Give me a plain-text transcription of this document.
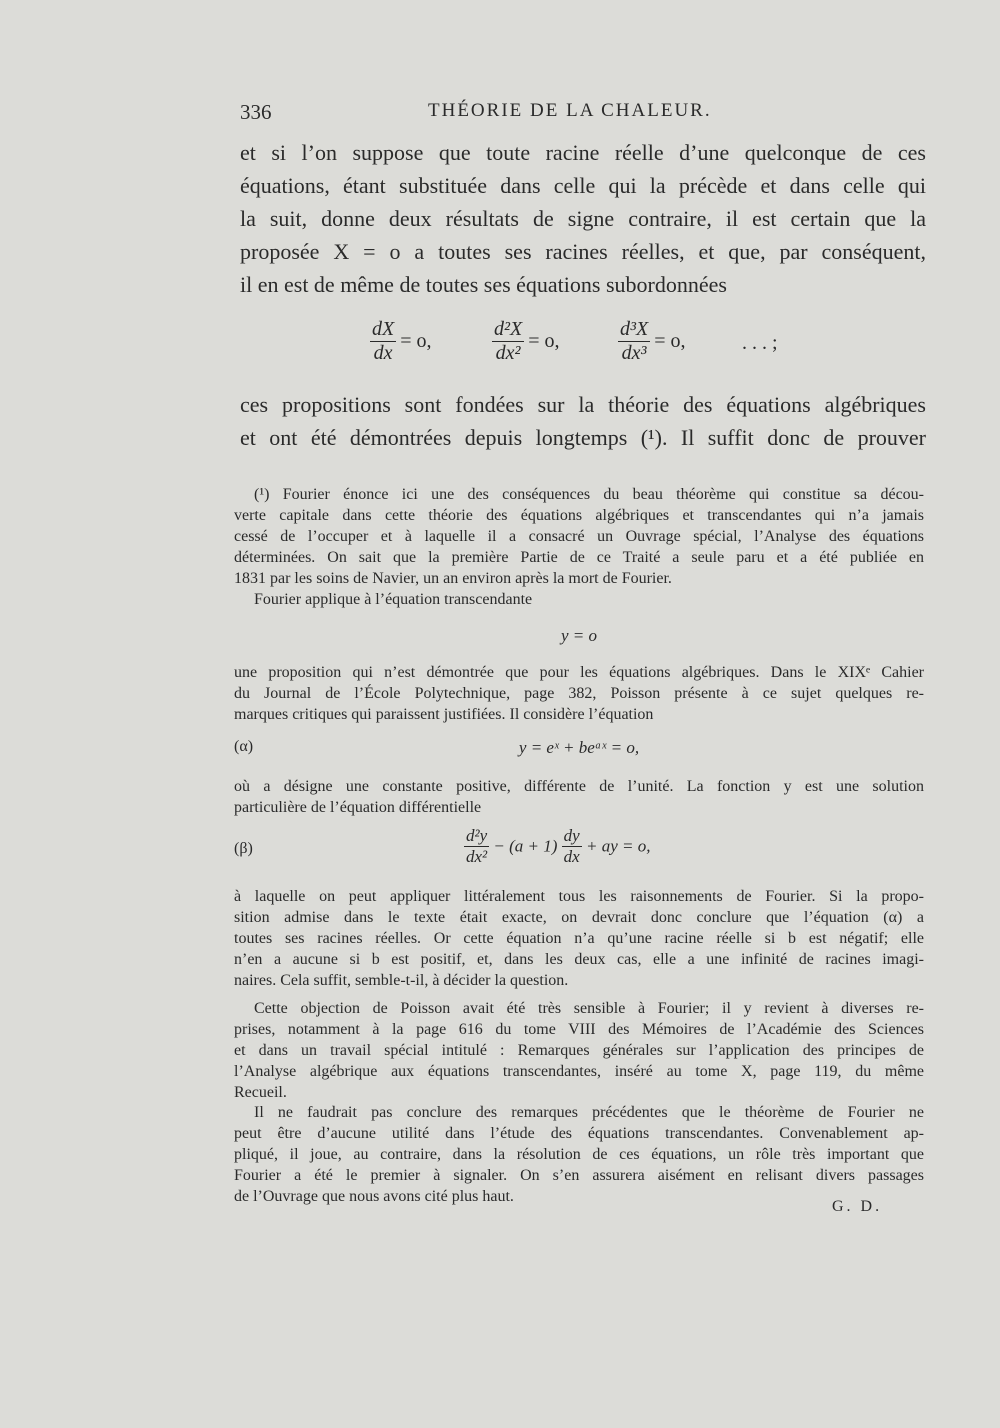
336	THÉORIE DE LA CHALEUR.
et si l’on suppose que toute racine réelle d’une quelconque de ces
équations, étant substituée dans celle qui la précède et dans celle qui
la suit, donne deux résultats de signe contraire, il est certain que la
proposée X = o a toutes ses racines réelles, et que, par conséquent,
il en est de même de toutes ses équations subordonnées
$\frac{dX}{dx} = o$,	$\frac{\text{d²X}}{\text{dx²}} = o$,	$\frac{\text{d³X}}{\text{dx³}} = o$,	. . . ;
ces propositions sont fondées sur la théorie des équations algébriques
et ont été démontrées depuis longtemps (¹). Il suffit donc de prouver
(¹) Fourier énonce ici une des conséquences du beau théorème qui constitue sa décou-
verte capitale dans cette théorie des équations algébriques et transcendantes qui n’a jamais
cessé de l’occuper et à laquelle il a consacré un Ouvrage spécial, l’Analyse des équations
déterminées. On sait que la première Partie de ce Traité a seule paru et a été publiée en
1831 par les soins de Navier, un an environ après la mort de Fourier.
Fourier applique à l’équation transcendante
y = o
une proposition qui n’est démontrée que pour les équations algébriques. Dans le XIXᵉ Cahier
du Journal de l’École Polytechnique, page 382, Poisson présente à ce sujet quelques re-
marques critiques qui paraissent justifiées. Il considère l’équation
(α)	y = eˣ + beᵃˣ = o,
où a désigne une constante positive, différente de l’unité. La fonction y est une solution
particulière de l’équation différentielle
(β)	$\frac{\text{d²y}}{\text{dx²}} - (a + 1) \frac{dy}{dx}$ + ay = o,
à laquelle on peut appliquer littéralement tous les raisonnements de Fourier. Si la propo-
sition admise dans le texte était exacte, on devrait donc conclure que l’équation (α) a
toutes ses racines réelles. Or cette équation n’a qu’une racine réelle si b est négatif; elle
n’en a aucune si b est positif, et, dans les deux cas, elle a une infinité de racines imagi-
naires. Cela suffit, semble-t-il, à décider la question.
Cette objection de Poisson avait été très sensible à Fourier; il y revient à diverses re-
prises, notamment à la page 616 du tome VIII des Mémoires de l’Académie des Sciences
et dans un travail spécial intitulé : Remarques générales sur l’application des principes de
l’Analyse algébrique aux équations transcendantes, inséré au tome X, page 119, du même
Recueil.
Il ne faudrait pas conclure des remarques précédentes que le théorème de Fourier ne
peut être d’aucune utilité dans l’étude des équations transcendantes. Convenablement ap-
pliqué, il joue, au contraire, dans la résolution de ces équations, un rôle très important que
Fourier a été le premier à signaler. On s’en assurera aisément en relisant divers passages
de l’Ouvrage que nous avons cité plus haut.
G. D.
